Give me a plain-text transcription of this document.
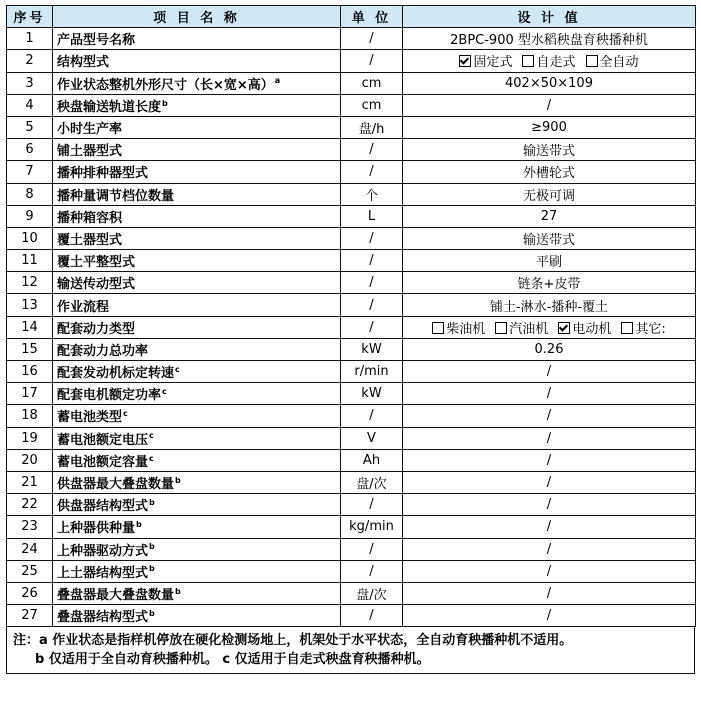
序号	项 目 名 称	单 位	设 计 值
1	产品型号名称	/	2BPC-900 型水稻秧盘育秧播种机
2	结构型式	/	固定式 自走式 全自动
3	作业状态整机外形尺寸（长×宽×高）$^a$	cm	402×50×109
4	秧盘输送轨道长度$^b$	cm	/
5	小时生产率	盘/h	≥900
6	铺土器型式	/	输送带式
7	播种排种器型式	/	外槽轮式
8	播种量调节档位数量	个	无极可调
9	播种箱容积	L	27
10	覆土器型式	/	输送带式
11	覆土平整型式	/	平刷
12	输送传动型式	/	链条+皮带
13	作业流程	/	铺土-淋水-播种-覆土
14	配套动力类型	/	柴油机 汽油机 电动机 其它:
15	配套动力总功率	kW	0.26
16	配套发动机标定转速$^c$	r/min	/
17	配套电机额定功率$^c$	kW	/
18	蓄电池类型$^c$	/	/
19	蓄电池额定电压$^c$	V	/
20	蓄电池额定容量$^c$	Ah	/
21	供盘器最大叠盘数量$^b$	盘/次	/
22	供盘器结构型式$^b$	/	/
23	上种器供种量$^b$	kg/min	/
24	上种器驱动方式$^b$	/	/
25	上土器结构型式$^b$	/	/
26	叠盘器最大叠盘数量$^b$	盘/次	/
27	叠盘器结构型式$^b$	/	/
注：a 作业状态是指样机停放在硬化检测场地上，机架处于水平状态，全自动育秧播种机不适用。
b 仅适用于全自动育秧播种机。 c 仅适用于自走式秧盘育秧播种机。
